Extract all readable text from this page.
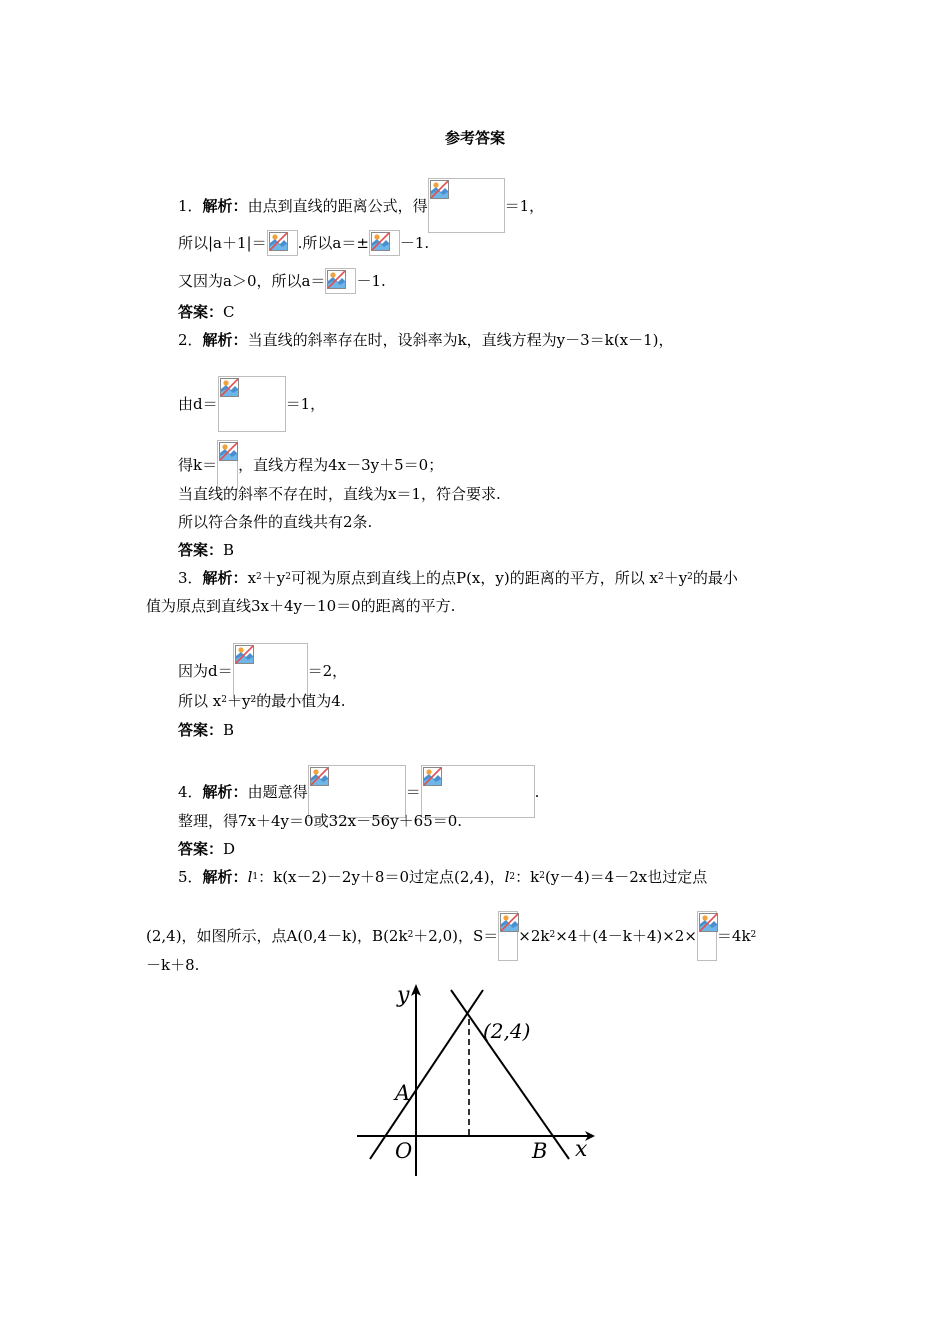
参考答案
1． 解析： 由点到直线的距离公式，得	＝1，
所以|a＋1|＝ .所以a＝± －1.
又因为a＞0，所以a＝ －1.
答案： C
2． 解析： 当直线的斜率存在时，设斜率为k，直线方程为y－3＝k(x－1)，
由d＝	＝1，
得k＝ ，直线方程为4x－3y＋5＝0；
当直线的斜率不存在时，直线为x＝1，符合要求.
所以符合条件的直线共有2条.
答案： B
3． 解析： $x^2 +y^2$ 可视为原点到直线上的点P(x，y)的距离的平方，所以 $x^2 +y^2$ 的最小
值为原点到直线3x＋4y－10＝0的距离的平方.
因为d＝	＝2，
所以 $x^2 +y^2$ 的最小值为4.
答案： B
4． 解析： 由题意得	＝	.
整理，得7x＋4y＝0或32x－56y＋65＝0.
答案： D
5． 解析： l 1 ：k(x－2)－2y＋8＝0过定点(2,4)， l 2 ：$k^2$ (y－4)＝4－2x也过定点
(2,4)，如图所示，点A(0,4－k)，$B(2k^2 +2,0)$，$S= \times 2k^2 \times 4+(4-k+4)\times 2\times =4k^2$
－k＋8.
y
x
(2,4)
A
O	B
